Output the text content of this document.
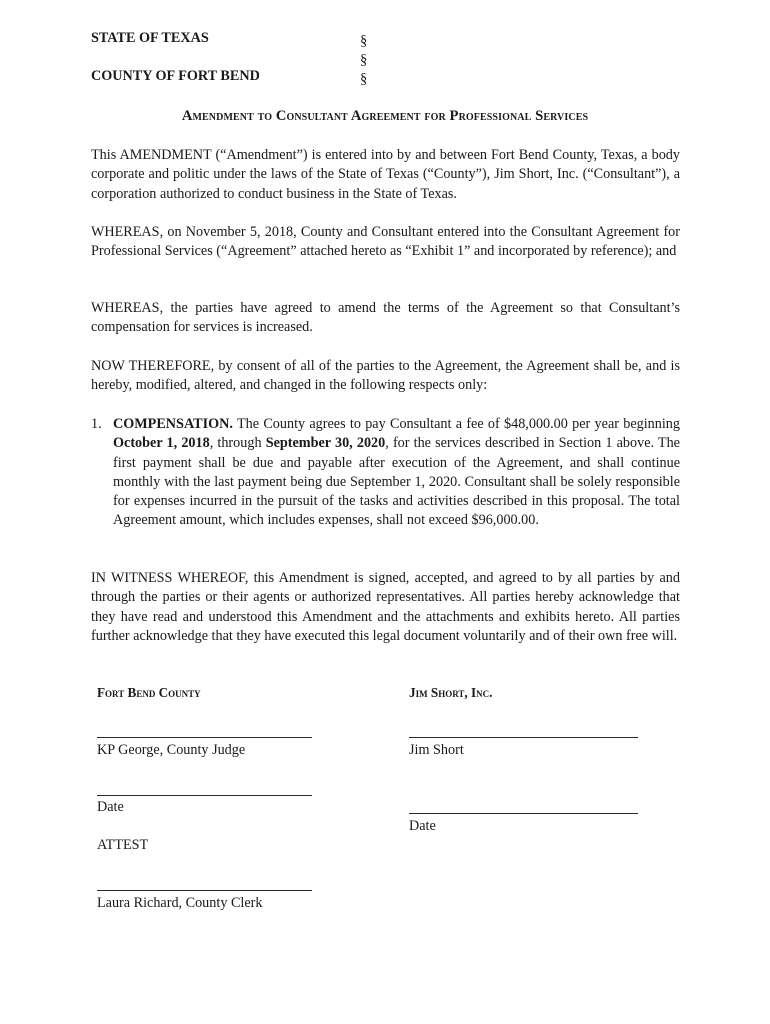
STATE OF TEXAS
COUNTY OF FORT BEND
§
§
§
Amendment to Consultant Agreement for Professional Services
This AMENDMENT (“Amendment”) is entered into by and between Fort Bend County, Texas, a body corporate and politic under the laws of the State of Texas (“County”), Jim Short, Inc. (“Consultant”), a corporation authorized to conduct business in the State of Texas.
WHEREAS, on November 5, 2018, County and Consultant entered into the Consultant Agreement for Professional Services (“Agreement” attached hereto as “Exhibit 1” and incorporated by reference); and
WHEREAS, the parties have agreed to amend the terms of the Agreement so that Consultant’s compensation for services is increased.
NOW THEREFORE, by consent of all of the parties to the Agreement, the Agreement shall be, and is hereby, modified, altered, and changed in the following respects only:
1. COMPENSATION. The County agrees to pay Consultant a fee of $48,000.00 per year beginning October 1, 2018, through September 30, 2020, for the services described in Section 1 above. The first payment shall be due and payable after execution of the Agreement, and shall continue monthly with the last payment being due September 1, 2020. Consultant shall be solely responsible for expenses incurred in the pursuit of the tasks and activities described in this proposal. The total Agreement amount, which includes expenses, shall not exceed $96,000.00.
IN WITNESS WHEREOF, this Amendment is signed, accepted, and agreed to by all parties by and through the parties or their agents or authorized representatives. All parties hereby acknowledge that they have read and understood this Amendment and the attachments and exhibits hereto. All parties further acknowledge that they have executed this legal document voluntarily and of their own free will.
Fort Bend County
KP George, County Judge
Date
ATTEST
Laura Richard, County Clerk
Jim Short, Inc.
Jim Short
Date
